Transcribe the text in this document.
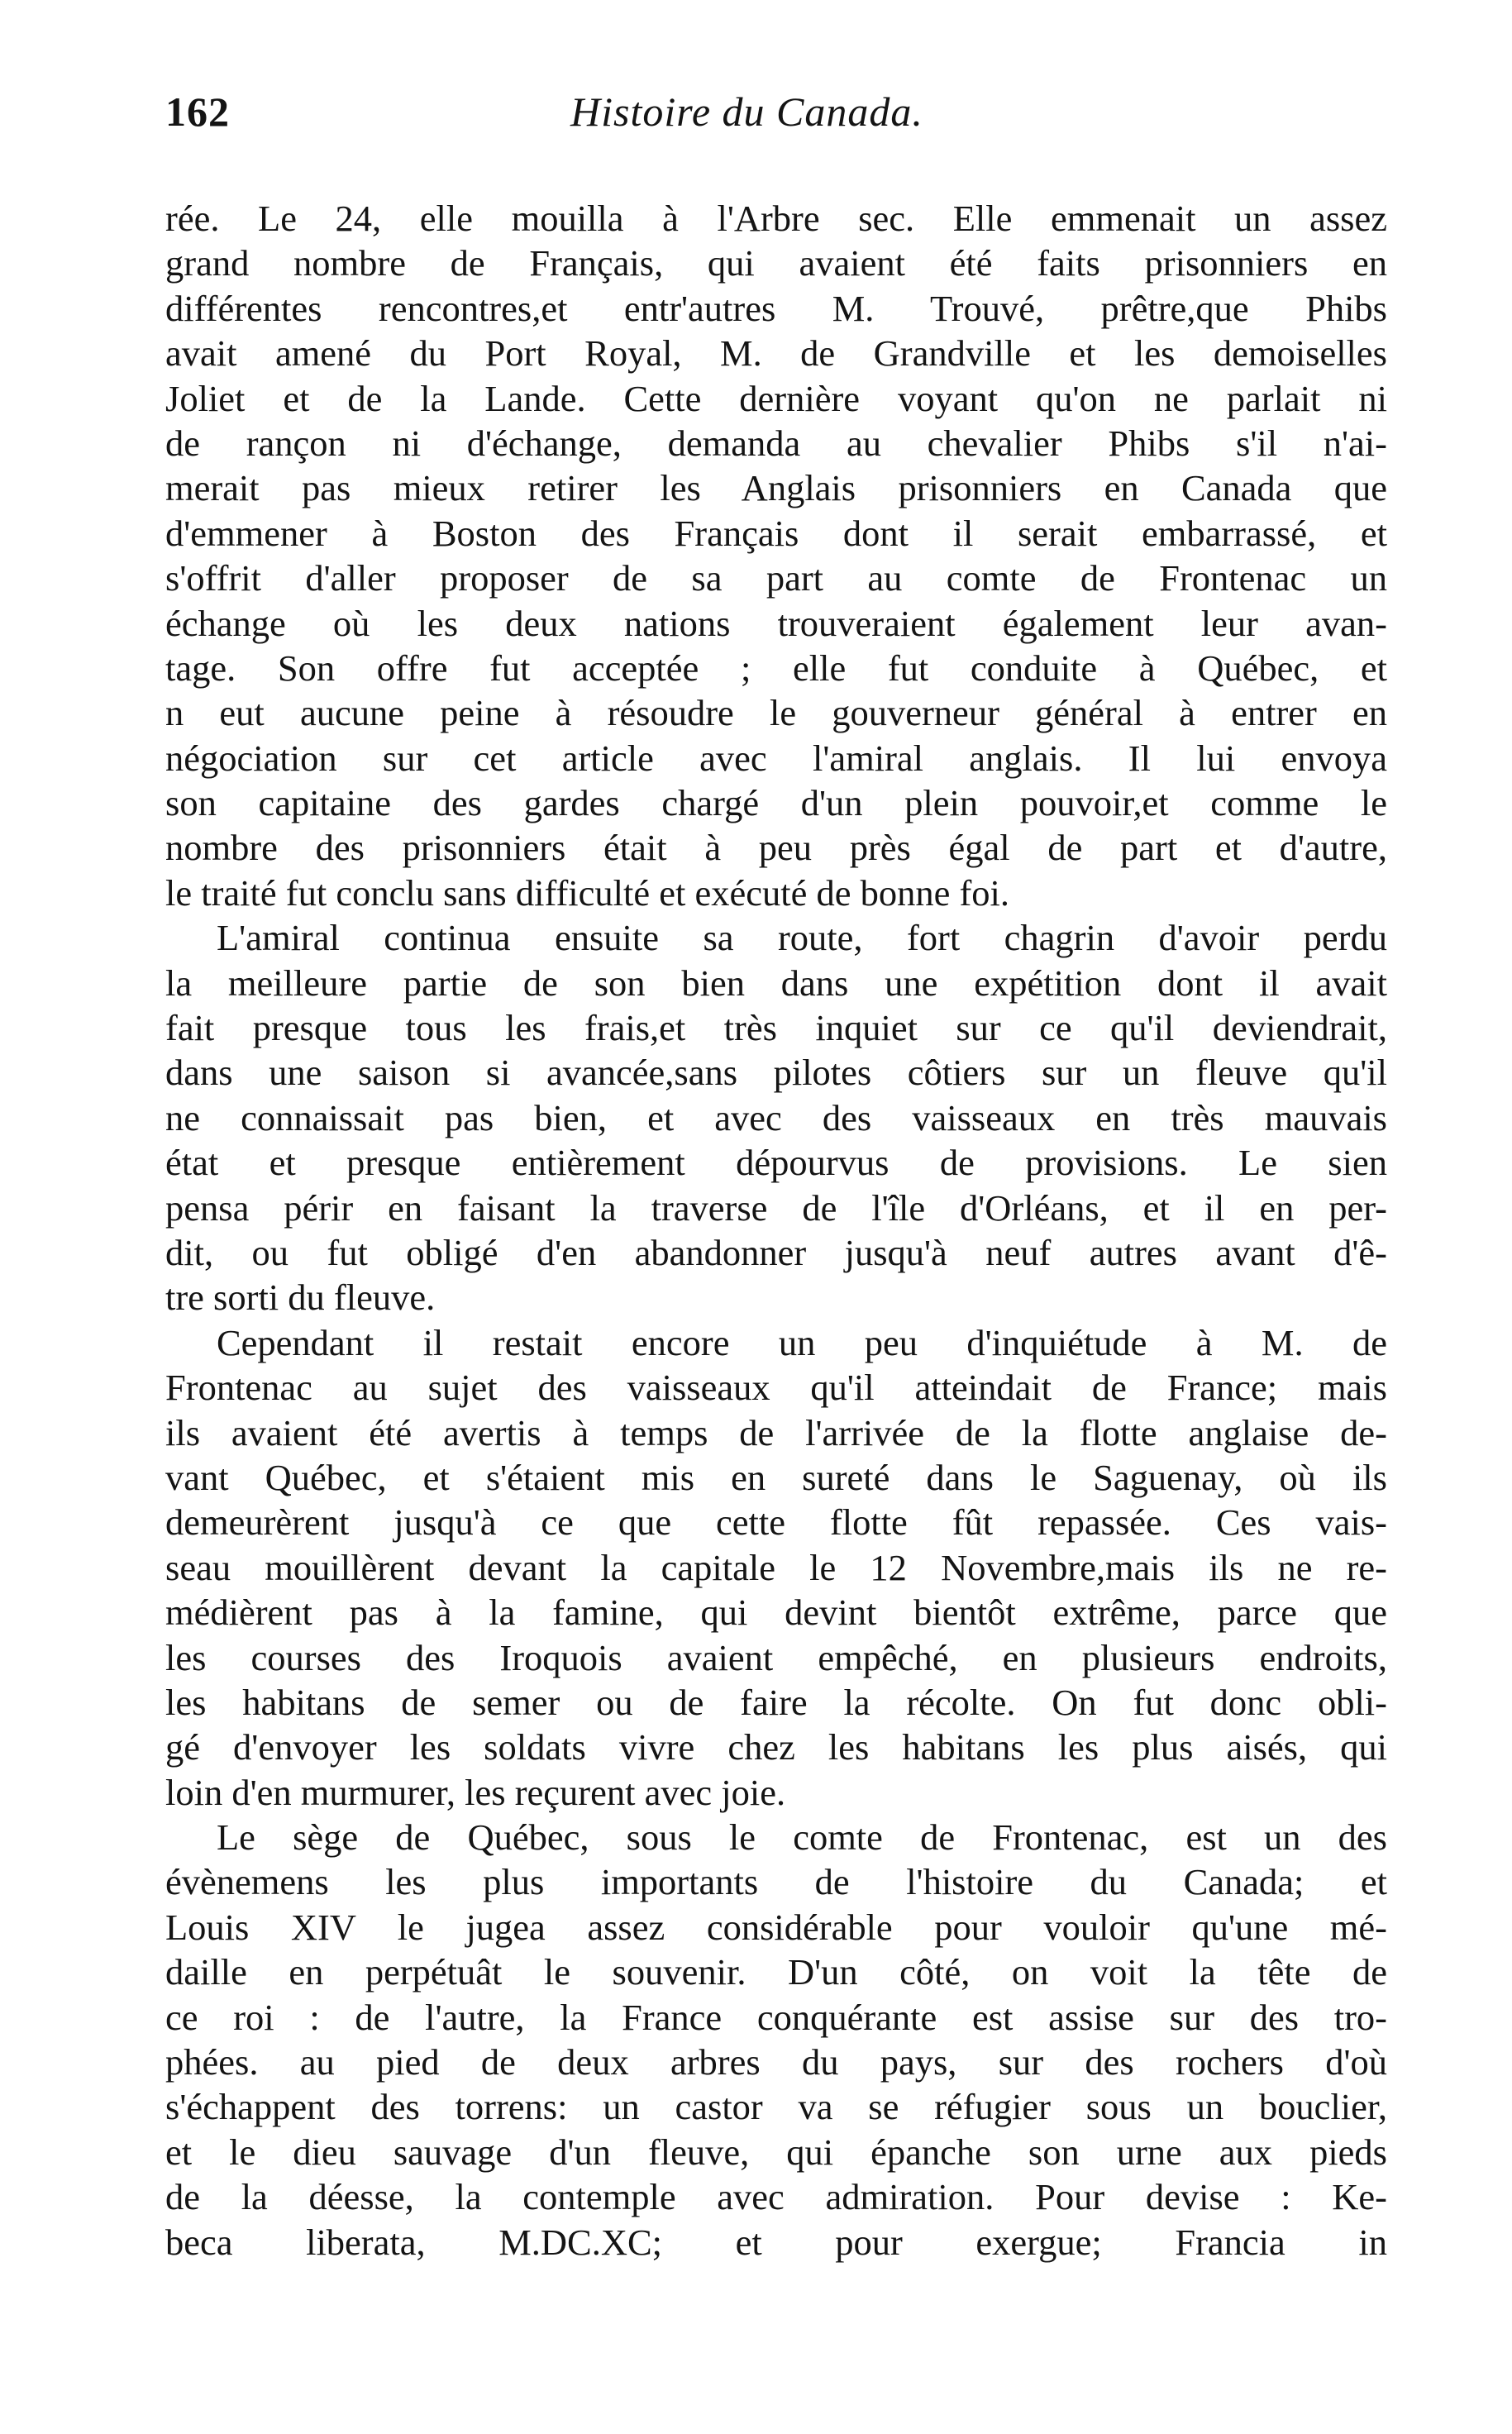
162	Histoire du Canada.

rée. Le 24, elle mouilla à l'Arbre sec. Elle emmenait un assez
grand nombre de Français, qui avaient été faits prisonniers en
différentes rencontres,et entr'autres M. Trouvé, prêtre,que Phibs
avait amené du Port Royal, M. de Grandville et les demoiselles
Joliet et de la Lande. Cette dernière voyant qu'on ne parlait ni
de rançon ni d'échange, demanda au chevalier Phibs s'il n'ai-
merait pas mieux retirer les Anglais prisonniers en Canada que
d'emmener à Boston des Français dont il serait embarrassé, et
s'offrit d'aller proposer de sa part au comte de Frontenac un
échange où les deux nations trouveraient également leur avan-
tage. Son offre fut acceptée ; elle fut conduite à Québec, et
n eut aucune peine à résoudre le gouverneur général à entrer en
négociation sur cet article avec l'amiral anglais. Il lui envoya
son capitaine des gardes chargé d'un plein pouvoir,et comme le
nombre des prisonniers était à peu près égal de part et d'autre,
le traité fut conclu sans difficulté et exécuté de bonne foi.

L'amiral continua ensuite sa route, fort chagrin d'avoir perdu
la meilleure partie de son bien dans une expétition dont il avait
fait presque tous les frais,et très inquiet sur ce qu'il deviendrait,
dans une saison si avancée,sans pilotes côtiers sur un fleuve qu'il
ne connaissait pas bien, et avec des vaisseaux en très mauvais
état et presque entièrement dépourvus de provisions. Le sien
pensa périr en faisant la traverse de l'île d'Orléans, et il en per-
dit, ou fut obligé d'en abandonner jusqu'à neuf autres avant d'ê-
tre sorti du fleuve.

Cependant il restait encore un peu d'inquiétude à M. de
Frontenac au sujet des vaisseaux qu'il atteindait de France; mais
ils avaient été avertis à temps de l'arrivée de la flotte anglaise de-
vant Québec, et s'étaient mis en sureté dans le Saguenay, où ils
demeurèrent jusqu'à ce que cette flotte fût repassée. Ces vais-
seau mouillèrent devant la capitale le 12 Novembre,mais ils ne re-
médièrent pas à la famine, qui devint bientôt extrême, parce que
les courses des Iroquois avaient empêché, en plusieurs endroits,
les habitans de semer ou de faire la récolte. On fut donc obli-
gé d'envoyer les soldats vivre chez les habitans les plus aisés, qui
loin d'en murmurer, les reçurent avec joie.

Le sège de Québec, sous le comte de Frontenac, est un des
évènemens les plus importants de l'histoire du Canada; et
Louis XIV le jugea assez considérable pour vouloir qu'une mé-
daille en perpétuât le souvenir. D'un côté, on voit la tête de
ce roi : de l'autre, la France conquérante est assise sur des tro-
phées. au pied de deux arbres du pays, sur des rochers d'où
s'échappent des torrens: un castor va se réfugier sous un bouclier,
et le dieu sauvage d'un fleuve, qui épanche son urne aux pieds
de la déesse, la contemple avec admiration. Pour devise : Ke-
beca liberata, M.DC.XC; et pour exergue; Francia in
